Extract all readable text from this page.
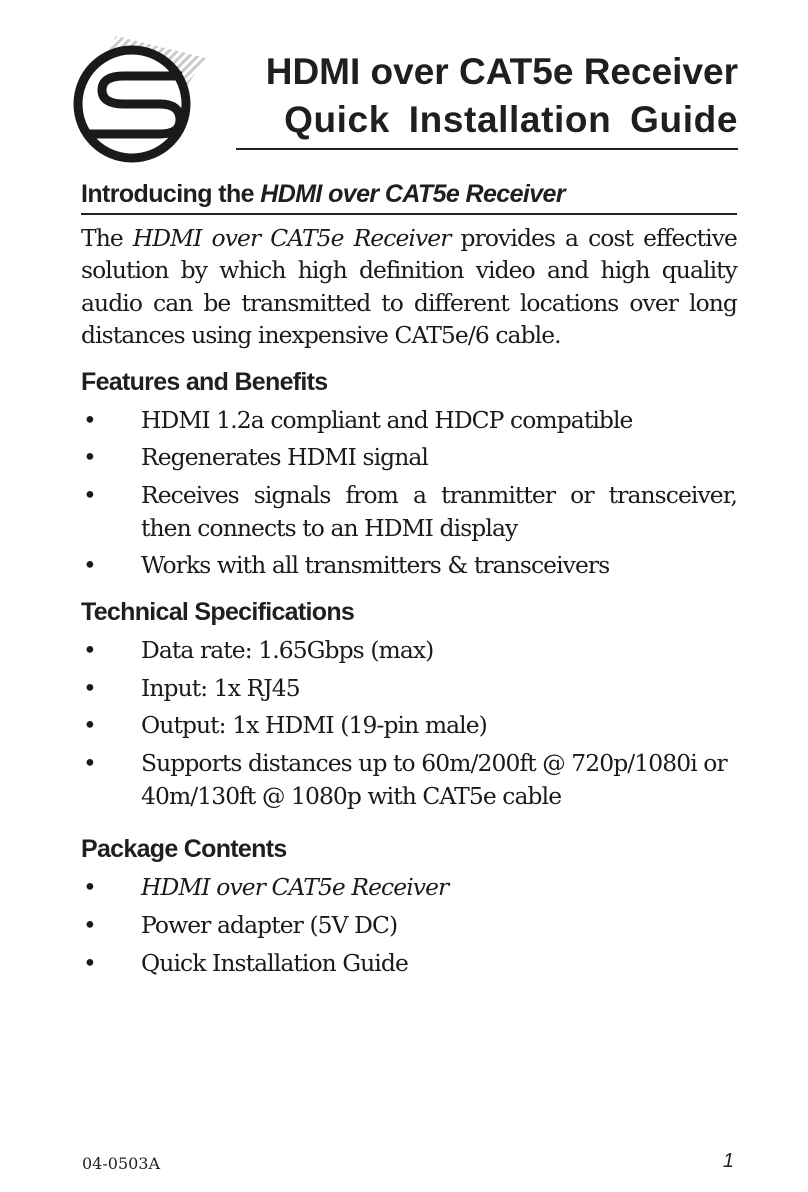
HDMI over CAT5e Receiver
Quick Installation Guide
Introducing the HDMI over CAT5e Receiver
The HDMI over CAT5e Receiver provides a cost effective solution by which high definition video and high quality audio can be transmitted to different locations over long distances using inexpensive CAT5e/6 cable.
Features and Benefits
•	HDMI 1.2a compliant and HDCP compatible
•	Regenerates HDMI signal
•	Receives signals from a tranmitter or transceiver, then connects to an HDMI display
•	Works with all transmitters & transceivers
Technical Specifications
•	Data rate: 1.65Gbps (max)
•	Input: 1x RJ45
•	Output: 1x HDMI (19-pin male)
•	Supports distances up to 60m/200ft @ 720p/1080i or 40m/130ft @ 1080p with CAT5e cable
Package Contents
•	HDMI over CAT5e Receiver
•	Power adapter (5V DC)
•	Quick Installation Guide
04-0503A	1
